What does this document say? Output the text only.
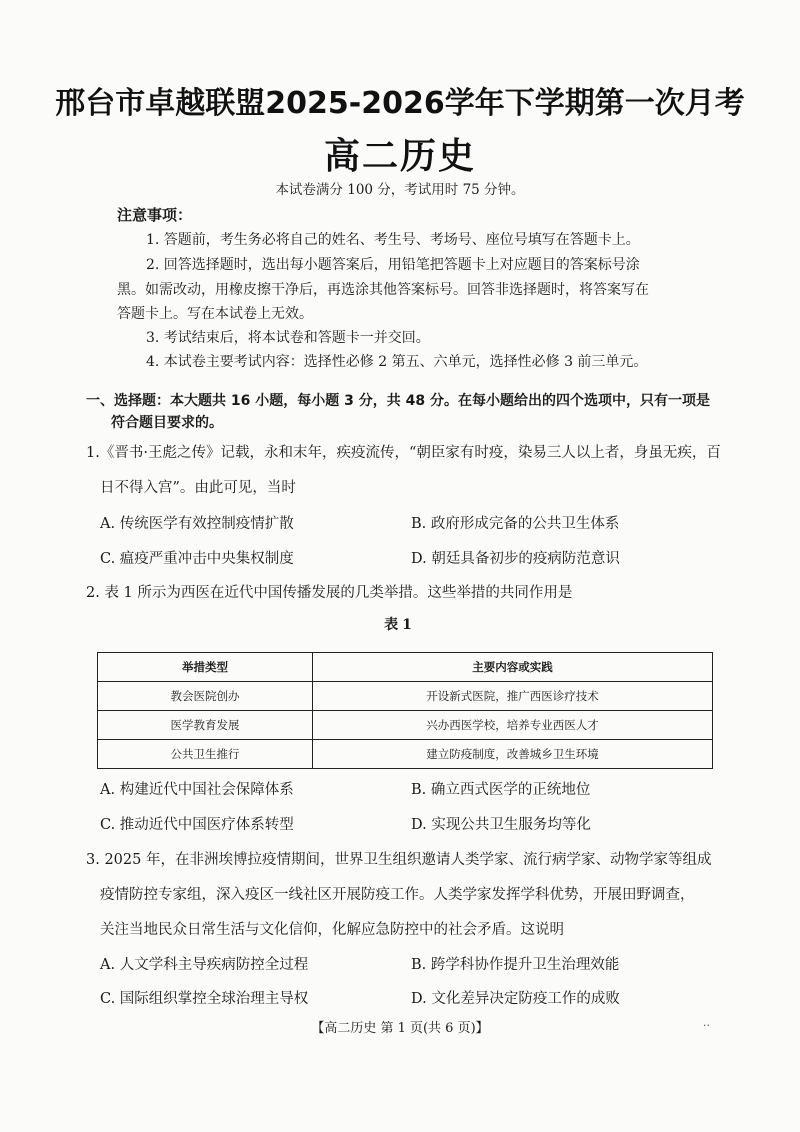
邢台市卓越联盟2025-2026学年下学期第一次月考
高二历史
本试卷满分 100 分，考试用时 75 分钟。
注意事项：
1. 答题前，考生务必将自己的姓名、考生号、考场号、座位号填写在答题卡上。
2. 回答选择题时，选出每小题答案后，用铅笔把答题卡上对应题目的答案标号涂
黑。如需改动，用橡皮擦干净后，再选涂其他答案标号。回答非选择题时，将答案写在
答题卡上。写在本试卷上无效。
3. 考试结束后，将本试卷和答题卡一并交回。
4. 本试卷主要考试内容：选择性必修 2 第五、六单元，选择性必修 3 前三单元。
一、选择题：本大题共 16 小题，每小题 3 分，共 48 分。在每小题给出的四个选项中，只有一项是
符合题目要求的。
1.《晋书·王彪之传》记载，永和末年，疾疫流传，“朝臣家有时疫，染易三人以上者，身虽无疾，百
日不得入宫”。由此可见，当时
A. 传统医学有效控制疫情扩散	B. 政府形成完备的公共卫生体系
C. 瘟疫严重冲击中央集权制度	D. 朝廷具备初步的疫病防范意识
2. 表 1 所示为西医在近代中国传播发展的几类举措。这些举措的共同作用是
表1
举措类型	主要内容或实践
教会医院创办	开设新式医院，推广西医诊疗技术
医学教育发展	兴办西医学校，培养专业西医人才
公共卫生推行	建立防疫制度，改善城乡卫生环境
A. 构建近代中国社会保障体系	B. 确立西式医学的正统地位
C. 推动近代中国医疗体系转型	D. 实现公共卫生服务均等化
3. 2025 年，在非洲埃博拉疫情期间，世界卫生组织邀请人类学家、流行病学家、动物学家等组成
疫情防控专家组，深入疫区一线社区开展防疫工作。人类学家发挥学科优势，开展田野调查，
关注当地民众日常生活与文化信仰，化解应急防控中的社会矛盾。这说明
A. 人文学科主导疾病防控全过程	B. 跨学科协作提升卫生治理效能
C. 国际组织掌控全球治理主导权	D. 文化差异决定防疫工作的成败
【高二历史 第 1 页(共 6 页)】	··
